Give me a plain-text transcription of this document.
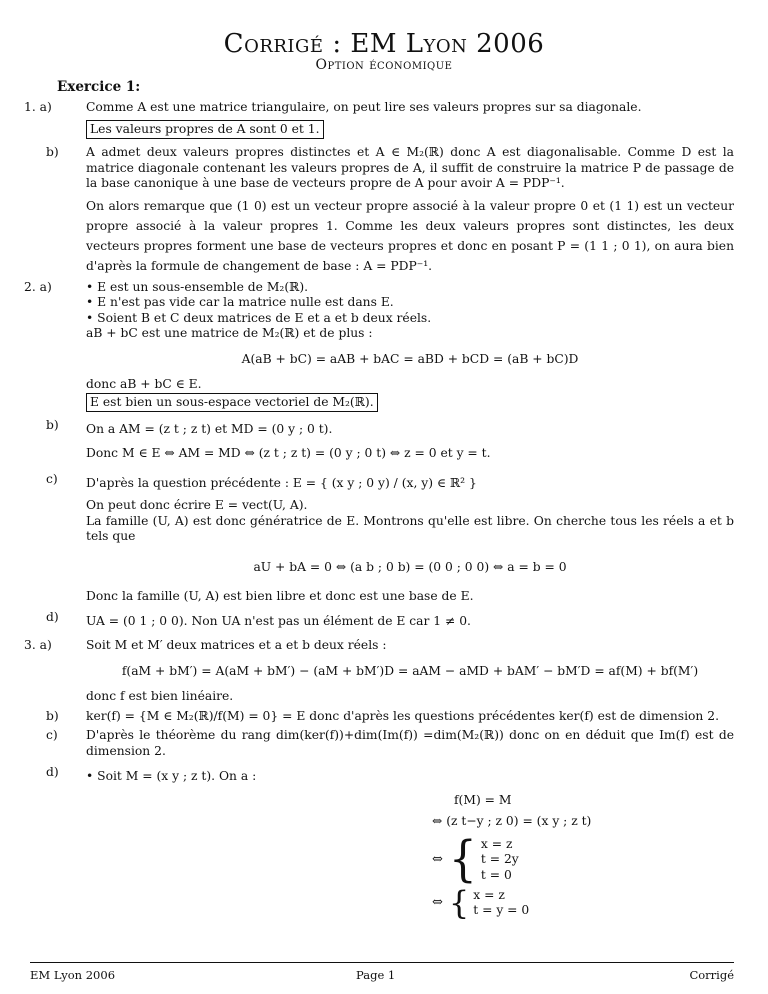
Corrigé : EM Lyon 2006
Option économique
Exercice 1:
1. a)	Comme A est une matrice triangulaire, on peut lire ses valeurs propres sur sa diagonale.
Les valeurs propres de A sont 0 et 1.
b)	A admet deux valeurs propres distinctes et A ∈ M₂(ℝ) donc A est diagonalisable. Comme D est la matrice diagonale contenant les valeurs propres de A, il suffit de construire la matrice P de passage de la base canonique à une base de vecteurs propre de A pour avoir A = PDP⁻¹.
On alors remarque que (1 0) est un vecteur propre associé à la valeur propre 0 et (1 1) est un vecteur propre associé à la valeur propres 1. Comme les deux valeurs propres sont distinctes, les deux vecteurs propres forment une base de vecteurs propres et donc en posant P = (1 1 ; 0 1), on aura bien d'après la formule de changement de base : A = PDP⁻¹.
2. a)	• E est un sous-ensemble de M₂(ℝ).
• E n'est pas vide car la matrice nulle est dans E.
• Soient B et C deux matrices de E et a et b deux réels.
aB + bC est une matrice de M₂(ℝ) et de plus :
A(aB + bC) = aAB + bAC = aBD + bCD = (aB + bC)D
donc aB + bC ∈ E.
E est bien un sous-espace vectoriel de M₂(ℝ).
b)	On a AM = (z t ; z t) et MD = (0 y ; 0 t).
Donc M ∈ E ⇔ AM = MD ⇔ (z t ; z t) = (0 y ; 0 t) ⇔ z = 0 et y = t.
c)	D'après la question précédente : E = { (x y ; 0 y) / (x, y) ∈ ℝ² }
On peut donc écrire E = vect(U, A).
La famille (U, A) est donc génératrice de E. Montrons qu'elle est libre. On cherche tous les réels a et b tels que
aU + bA = 0 ⇔ (a b ; 0 b) = (0 0 ; 0 0) ⇔ a = b = 0
Donc la famille (U, A) est bien libre et donc est une base de E.
d)	UA = (0 1 ; 0 0). Non UA n'est pas un élément de E car 1 ≠ 0.
3. a)	Soit M et M′ deux matrices et a et b deux réels :
f(aM + bM′) = A(aM + bM′) − (aM + bM′)D = aAM − aMD + bAM′ − bM′D = af(M) + bf(M′)
donc f est bien linéaire.
b)	ker(f) = {M ∈ M₂(ℝ)/f(M) = 0} = E donc d'après les questions précédentes ker(f) est de dimension 2.
c)	D'après le théorème du rang dim(ker(f))+dim(Im(f)) =dim(M₂(ℝ)) donc on en déduit que Im(f) est de dimension 2.
d)	• Soit M = (x y ; z t). On a :
f(M) = M
⇔ (z t−y ; z 0) = (x y ; z t)
⇔ { x = z
t = 2y
t = 0
⇔ { x = z
t = y = 0
EM Lyon 2006	Page 1	Corrigé
